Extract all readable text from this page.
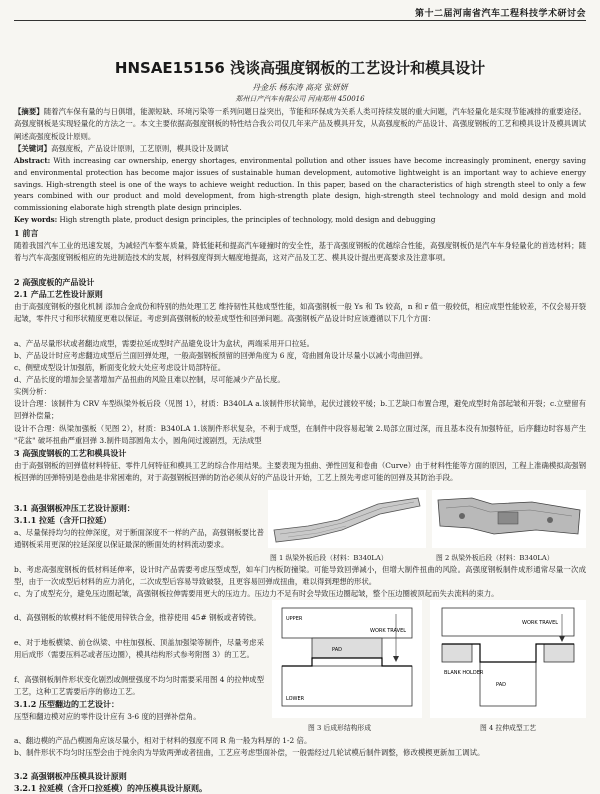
第十二届河南省汽车工程科技学术研讨会
HNSAE15156 浅谈高强度钢板的工艺设计和模具设计
丹金乐 杨东涛 高亮 张妍妍
郑州日产汽车有限公司 河南郑州 450016

【摘要】随着汽车保有量的与日俱增，能源短缺、环境污染等一系列问题日益突出，节能和环保成为关系人类可持续发展的重大问题，汽车轻量化是实现节能减排的重要途径。高强度钢板是实现轻量化的方法之一。本文主要依据高强度钢板的特性结合我公司仅几年来产品及模具开发，从高强度板的产品设计、高强度钢板的工艺和模具设计及模具调试阐述高强度板设计原则。

【关键词】高强度板，产品设计原则，工艺原则，模具设计及调试

Abstract: With increasing car ownership, energy shortages, environmental pollution and other issues have become increasingly prominent, energy saving and environmental protection has become major issues of sustainable human development, automotive lightweight is an important way to achieve energy savings. High-strength steel is one of the ways to achieve weight reduction. In this paper, based on the characteristics of high strength steel to only a few years combined with our product and mold development, from high-strength plate design, high-strength steel technology and mold design and mold commissioning elaborate high strength plate design principles.

Key words: High strength plate, product design principles, the principles of technology, mold design and debugging

1 前言

随着我国汽车工业的迅速发展，为减轻汽车整车质量，降低能耗和提高汽车碰撞时的安全性，基于高强度钢板的优越综合性能，高强度钢板仍是汽车车身轻量化的首选材料；随着与汽车高强度钢板相应的先进制造技术的发展，材料强度得到大幅度地提高，这对产品及工艺、模具设计提出更高要求及注意事项。

2 高强度板的产品设计
2.1 产品工艺性设计原则

由于高强度钢板的强化机制 添加合金成份和特别的热处理工艺 维持韧性其他成型性能，如高强钢板一般 Ys 和 Ts 较高，n 和 r 值一般较低，相应成型性能较差，不仅会易开裂起皱，零件尺寸和形状精度更难以保证。考虑到高强钢板的较差成型性和回弹问题。高强钢板产品设计时应该遵循以下几个方面：

a、产品尽量形状或者翻边成型，需要拉延成型时产品避免设计为盒状，两端采用开口拉延。

b、产品设计时应考虑翻边成型后兰面回弹处理，一般高强钢板预留的回弹角度为 6 度，弯曲圆角设计尽量小以减小弯曲回弹。

c、侧壁成型设计加强筋，断面变化较大处应考虑设计局部特征。

d、产品长度的增加会显著增加产品扭曲的风险且难以控制，尽可能减少产品长度。

实例分析：

设计合理：该制件为 CRV 车型纵梁外板后段（见图 1），材质：B340LA a.该制件形状简单，起伏过渡较平缓；b.工艺缺口布置合理，避免成型时角部起皱和开裂；c.立壁留有回弹补偿量；

设计不合理：纵梁加强板（见图 2），材质：B340LA 1.该制件形状复杂，不利于成型，在制件中段容易起皱 2.局部立面过深，而且基本没有加强特征，后序翻边时容易产生 "花盆" 破坏扭曲严重回弹 3.制件局部圆角太小，圆角间过渡剧烈，无法成型

3 高强度钢板的工艺和模具设计

由于高强钢板的回弹值材料特征、零件几何特征和模具工艺的综合作用结果。主要表现为扭曲、弹性回复和卷曲（Curve）由于材料性能等方面的原因，工程上准确模拟高强钢板回弹的回弹特别是卷曲是非常困难的，对于高强钢板回弹的防治必须从好的产品设计开始，工艺上预先考虑可能的回弹及其防治手段。

3.1 高强钢板冲压工艺设计原则：
3.1.1 拉延（含开口拉延）

a、尽量保持均匀的拉伸深度，对于断面深度不一样的产品，高强钢板要比普通钢板采用更深的拉延深度以保证最深的断面处的材料流动要求。

图 1 纵梁外板后段（材料：B340LA）	图 2 纵梁外板后段（材料：B340LA）

b、考虑高强度钢板的低材料延伸率，设计时产品需要考虑压型成型，如车门内板防撞梁。可能导致回弹减小，但增大制件扭曲的风险。高强度钢板制件成形通常尽量一次成型，由于一次成型后材料的应力消化，二次成型后容易导致破裂，且更容易回弹成扭曲，难以得到理想的形状。

c、为了成型充分，避免压边圈起皱，高强钢板拉伸需要用更大的压边力。压边力不足有时会导致压边圈起皱，整个压边圈被顶起而失去流料的束力。

d、高强钢板的软模材料不能使用锌铁合金，推荐使用 45# 钢板或者铸铁。

e、对于地板横梁、前仓纵梁、中柱加强板、顶盖加强梁等制件，尽量考虑采用后成形（需要压料芯或者压边圈），模具结构形式参考附图 3）的工艺。

f、高强钢板制件形状变化剧烈或侧壁强度不均匀时需要采用图 4 的拉伸成型工艺，这种工艺需要后序的修边工艺。

3.1.2 压型翻边的工艺设计：
UPPER
LOWER
PAD
WORK TRAVEL
图 3 后成形结构形成
WORK TRAVEL
PAD
BLANK HOLDER
图 4 拉伸成型工艺

压型和翻边模对应的零件设计应有 3-6 度的回弹补偿角。

a、翻边模的产品凸模圆角应该尽量小，相对于材料的强度不同 R 角一般为料厚的 1-2 倍。

b、制件形状不均匀时压型会由于纯余肉为导致两弹或者扭曲，工艺应考虑型面补偿，一般需经过几轮试模后制件调整，修改模楔更新加工调试。

3.2 高强钢板冲压模具设计原则
3.2.1 拉延模（含开口拉延模）的冲压模具设计原则。
